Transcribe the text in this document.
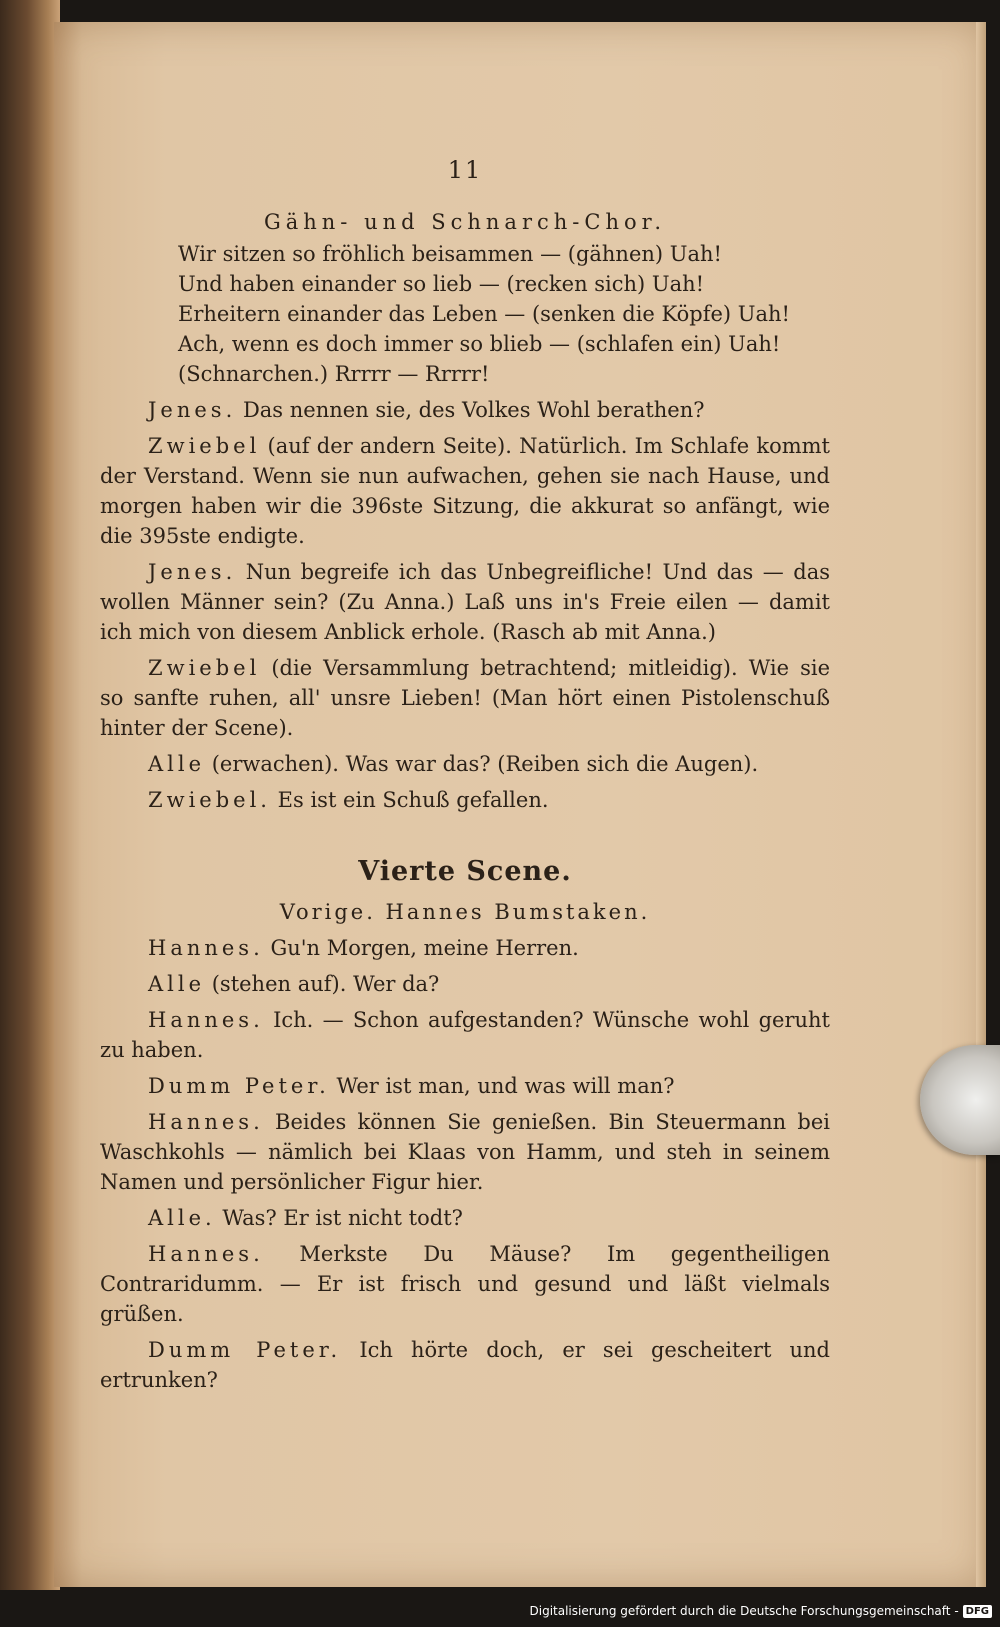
11
Gähn- und Schnarch-Chor.

Wir sitzen so fröhlich beisammen — (gähnen) Uah!

Und haben einander so lieb — (recken sich) Uah!

Erheitern einander das Leben — (senken die Köpfe) Uah!

Ach, wenn es doch immer so blieb — (schlafen ein) Uah!

(Schnarchen.) Rrrrr — Rrrrr!

Jenes. Das nennen sie, des Volkes Wohl berathen?

Zwiebel (auf der andern Seite). Natürlich. Im Schlafe kommt der Verstand. Wenn sie nun aufwachen, gehen sie nach Hause, und morgen haben wir die 396ste Sitzung, die akkurat so anfängt, wie die 395ste endigte.

Jenes. Nun begreife ich das Unbegreifliche! Und das — das wollen Männer sein? (Zu Anna.) Laß uns in's Freie eilen — damit ich mich von diesem Anblick erhole. (Rasch ab mit Anna.)

Zwiebel (die Versammlung betrachtend; mitleidig). Wie sie so sanfte ruhen, all' unsre Lieben! (Man hört einen Pistolenschuß hinter der Scene).

Alle (erwachen). Was war das? (Reiben sich die Augen).

Zwiebel. Es ist ein Schuß gefallen.

Vierte Scene.
Vorige. Hannes Bumstaken.

Hannes. Gu'n Morgen, meine Herren.

Alle (stehen auf). Wer da?

Hannes. Ich. — Schon aufgestanden? Wünsche wohl geruht zu haben.

Dumm Peter. Wer ist man, und was will man?

Hannes. Beides können Sie genießen. Bin Steuermann bei Waschkohls — nämlich bei Klaas von Hamm, und steh in seinem Namen und persönlicher Figur hier.

Alle. Was? Er ist nicht todt?

Hannes. Merkste Du Mäuse? Im gegentheiligen Contraridumm. — Er ist frisch und gesund und läßt vielmals grüßen.

Dumm Peter. Ich hörte doch, er sei gescheitert und ertrunken?

Digitalisierung gefördert durch die Deutsche Forschungsgemeinschaft - DFG
